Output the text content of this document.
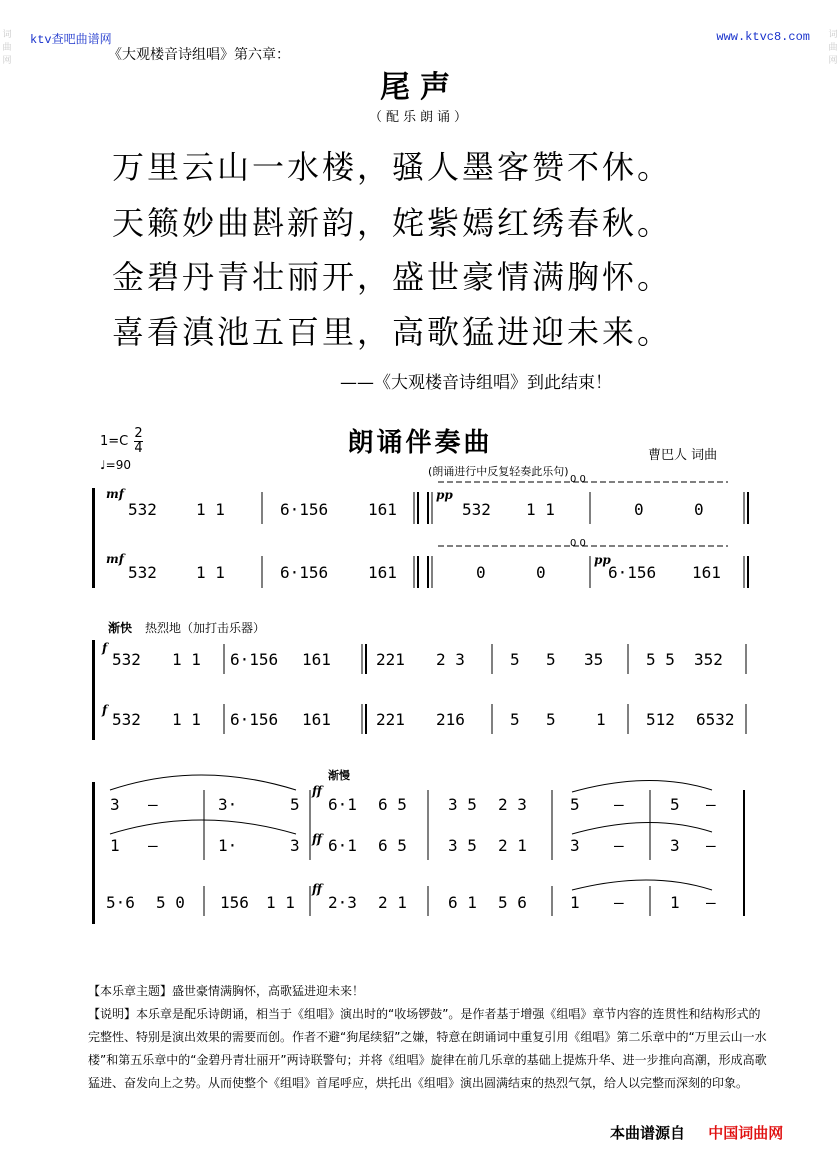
词
曲
网
词
曲
网
ktv查吧曲谱网	www.ktvc8.com
《大观楼音诗组唱》第六章：
尾声
（配乐朗诵）
万里云山一水楼，骚人墨客赞不休。
天籁妙曲斟新韵，姹紫嫣红绣春秋。
金碧丹青壮丽开，盛世豪情满胸怀。
喜看滇池五百里，高歌猛进迎未来。
——《大观楼音诗组唱》到此结束！
$1=C \frac{2}{4}$
♩=90
朗诵伴奏曲	曹巴人 词曲
(朗诵进行中反复轻奏此乐句)
mf
mf
pp
pp
0 0
0 0
532 1 1	6·156 161	532 1 1	0	0
532 1 1	6·156 161	0	0	6·156 161
渐快 热烈地（加打击乐器）
f
f
532 1 1 6·156 161	221 2 3	5 5 35	5 5 352
532 1 1 6·156 161	221 216	5 5	1	512 6532
渐慢
ff
ff
ff
3 –	3·	5 6·1 6 5	3 5 2 3	5 –	5 –
1 –	1·	3 6·1 6 5	3 5 2 1	3 –	3 –
5·6 5 0 156 1 1 2·3 2 1	6 1 5 6	1 –	1 –

【本乐章主题】盛世豪情满胸怀，高歌猛进迎未来！

【说明】本乐章是配乐诗朗诵，相当于《组唱》演出时的“收场锣鼓”。是作者基于增强《组唱》章节内容的连贯性和结构形式的完整性、特别是演出效果的需要而创。作者不避“狗尾续貂”之嫌，特意在朗诵词中重复引用《组唱》第二乐章中的“万里云山一水楼”和第五乐章中的“金碧丹青壮丽开”两诗联警句；并将《组唱》旋律在前几乐章的基础上提炼升华、进一步推向高潮，形成高歌猛进、奋发向上之势。从而使整个《组唱》首尾呼应，烘托出《组唱》演出圆满结束的热烈气氛，给人以完整而深刻的印象。

本曲谱源自 中国词曲网
